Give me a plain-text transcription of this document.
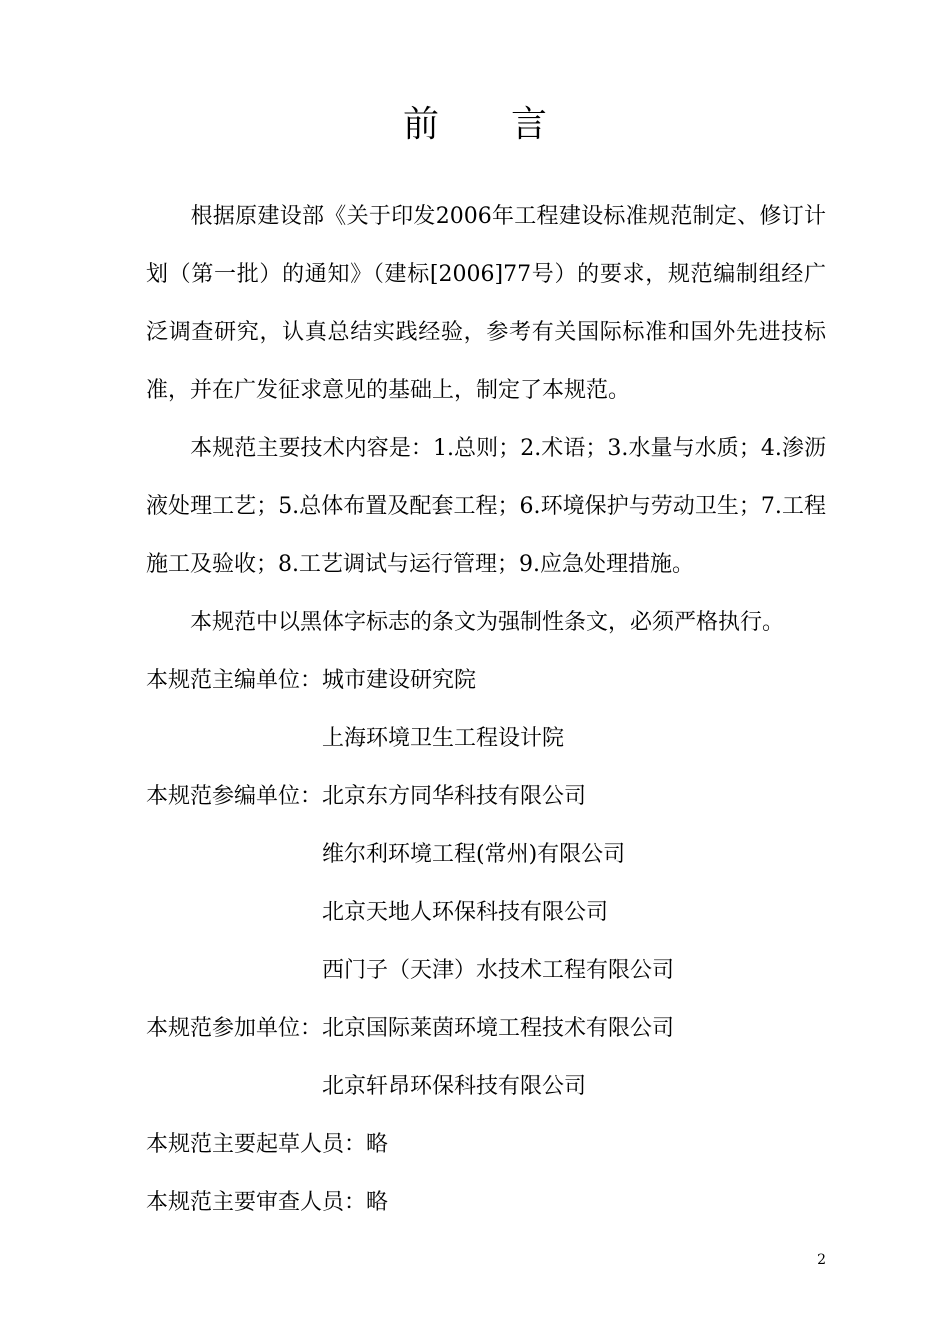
前　　言
　　根据原建设部《关于印发2006年工程建设标准规范制定、修订计划（第一批）的通知》（建标[2006]77号）的要求，规范编制组经广泛调查研究，认真总结实践经验，参考有关国际标准和国外先进技标准，并在广发征求意见的基础上，制定了本规范。
　　本规范主要技术内容是：1.总则；2.术语；3.水量与水质；4.渗沥液处理工艺；5.总体布置及配套工程；6.环境保护与劳动卫生；7.工程施工及验收；8.工艺调试与运行管理；9.应急处理措施。
　　本规范中以黑体字标志的条文为强制性条文，必须严格执行。
本规范主编单位：城市建设研究院
上海环境卫生工程设计院
本规范参编单位：北京东方同华科技有限公司
维尔利环境工程(常州)有限公司
北京天地人环保科技有限公司
西门子（天津）水技术工程有限公司
本规范参加单位：北京国际莱茵环境工程技术有限公司
北京轩昂环保科技有限公司
本规范主要起草人员：略
本规范主要审查人员：略
2
